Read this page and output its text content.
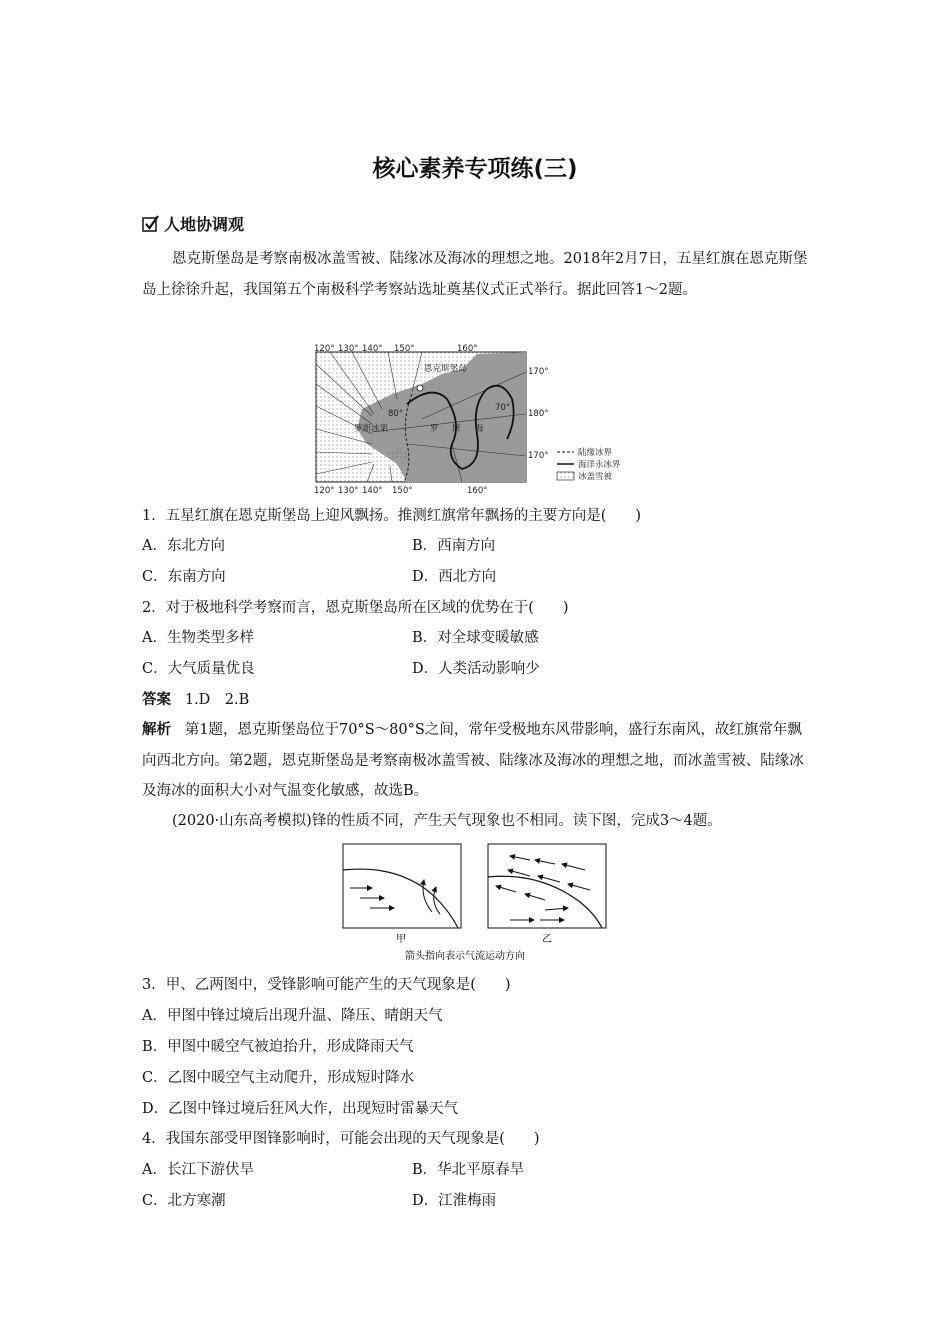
核心素养专项练(三)
人地协调观

恩克斯堡岛是考察南极冰盖雪被、陆缘冰及海冰的理想之地。2018年2月7日，五星红旗在恩克斯堡岛上徐徐升起，我国第五个南极科学考察站选址奠基仪式正式举行。据此回答1～2题。

120° 130° 140° 150°	160°
120° 130° 140° 150°	160°
170°
180°
170°
恩克斯堡岛
80°
70°
罗斯冰架	罗 斯 海
陆缘冰界
海洋永冰界
冰盖雪被
1．五星红旗在恩克斯堡岛上迎风飘扬。推测红旗常年飘扬的主要方向是(　　)
A．东北方向	B．西南方向
C．东南方向	D．西北方向
2．对于极地科学考察而言，恩克斯堡岛所在区域的优势在于(　　)
A．生物类型多样	B．对全球变暖敏感
C．大气质量优良	D．人类活动影响少
答案 1.D　2.B

解析 第1题，恩克斯堡岛位于70°S～80°S之间，常年受极地东风带影响，盛行东南风，故红旗常年飘向西北方向。第2题，恩克斯堡岛是考察南极冰盖雪被、陆缘冰及海冰的理想之地，而冰盖雪被、陆缘冰及海冰的面积大小对气温变化敏感，故选B。

(2020·山东高考模拟)锋的性质不同，产生天气现象也不相同。读下图，完成3～4题。

甲	乙
箭头指向表示气流运动方向
3．甲、乙两图中，受锋影响可能产生的天气现象是(　　)
A．甲图中锋过境后出现升温、降压、晴朗天气
B．甲图中暖空气被迫抬升，形成降雨天气
C．乙图中暖空气主动爬升，形成短时降水
D．乙图中锋过境后狂风大作，出现短时雷暴天气
4．我国东部受甲图锋影响时，可能会出现的天气现象是(　　)
A．长江下游伏旱	B．华北平原春旱
C．北方寒潮	D．江淮梅雨
